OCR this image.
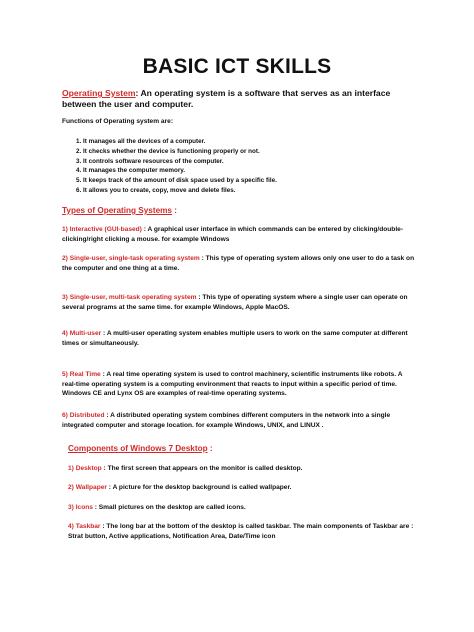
BASIC ICT SKILLS
Operating System: An operating system is a software that serves as an interface between the user and computer.
Functions of Operating system are:
1. It manages all the devices of a computer.
2. It checks whether the device is functioning properly or not.
3. It controls software resources of the computer.
4. It manages the computer memory.
5. It keeps track of the amount of disk space used by a specific file.
6. It allows you to create, copy, move and delete files.
Types of Operating Systems :
1) Interactive (GUI-based) : A graphical user interface in which commands can be entered by clicking/double-clicking/right clicking a mouse. for example Windows
2) Single-user, single-task operating system : This type of operating system allows only one user to do a task on
the computer and one thing at a time.
3) Single-user, multi-task operating system : This type of operating system where a single user can operate on several programs at the same time. for example Windows, Apple MacOS.
4) Multi-user : A multi-user operating system enables multiple users to work on the same computer at different
times or simultaneously.
5) Real Time : A real time operating system is used to control machinery, scientific instruments like robots. A real-time operating system is a computing environment that reacts to input within a specific period of time. Windows CE and Lynx OS are examples of real-time operating systems.
6) Distributed : A distributed operating system combines different computers in the network into a single integrated computer and storage location. for example Windows, UNIX, and LINUX .
Components of Windows 7 Desktop :
1) Desktop : The first screen that appears on the monitor is called desktop.
2) Wallpaper : A picture for the desktop background is called wallpaper.
3) Icons : Small pictures on the desktop are called icons.
4) Taskbar : The long bar at the bottom of the desktop is called taskbar. The main components of Taskbar are : Strat button, Active applications, Notification Area, Date/Time icon
